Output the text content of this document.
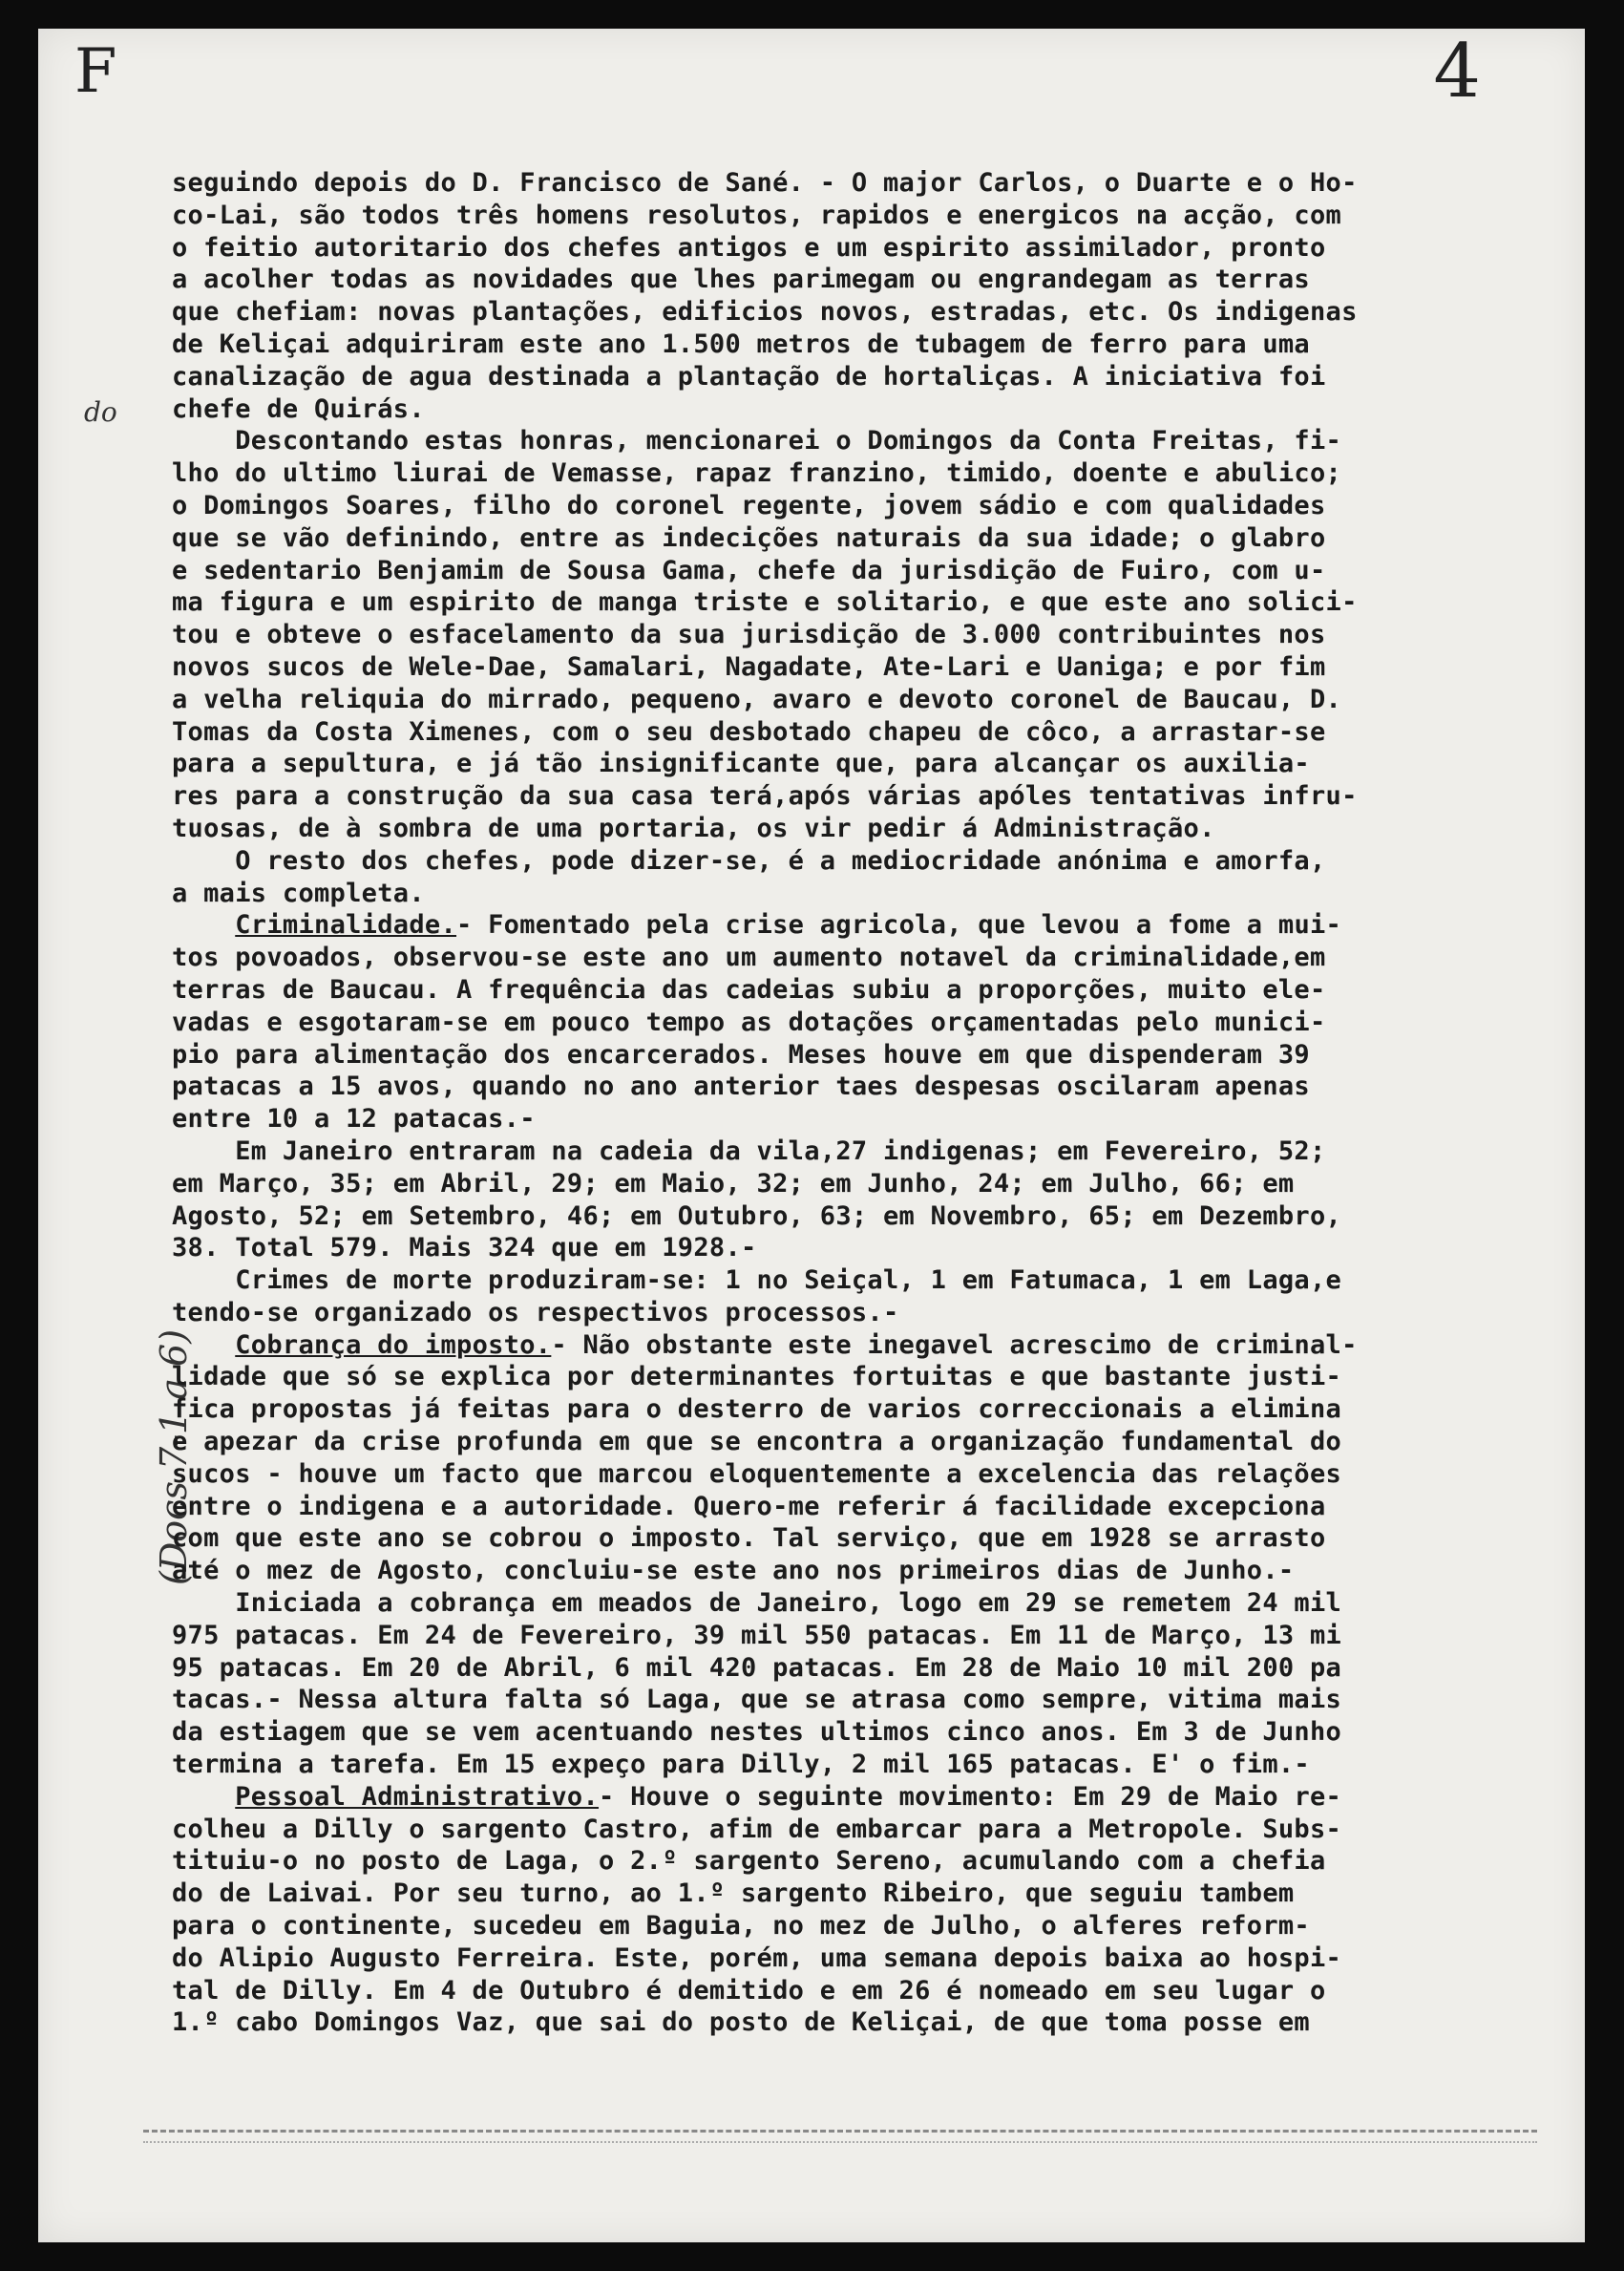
F	4
do
(Docs 7-1 a 6)
seguindo depois do D. Francisco de Sané. - O major Carlos, o Duarte e o Ho-
co-Lai, são todos três homens resolutos, rapidos e energicos na acção, com
o feitio autoritario dos chefes antigos e um espirito assimilador, pronto
a acolher todas as novidades que lhes parimegam ou engrandegam as terras
que chefiam: novas plantações, edificios novos, estradas, etc. Os indigenas
de Keliçai adquiriram este ano 1.500 metros de tubagem de ferro para uma
canalização de agua destinada a plantação de hortaliças. A iniciativa foi
chefe de Quirás.
Descontando estas honras, mencionarei o Domingos da Conta Freitas, fi-
lho do ultimo liurai de Vemasse, rapaz franzino, timido, doente e abulico;
o Domingos Soares, filho do coronel regente, jovem sádio e com qualidades
que se vão definindo, entre as indecições naturais da sua idade; o glabro
e sedentario Benjamim de Sousa Gama, chefe da jurisdição de Fuiro, com u-
ma figura e um espirito de manga triste e solitario, e que este ano solici-
tou e obteve o esfacelamento da sua jurisdição de 3.000 contribuintes nos
novos sucos de Wele-Dae, Samalari, Nagadate, Ate-Lari e Uaniga; e por fim
a velha reliquia do mirrado, pequeno, avaro e devoto coronel de Baucau, D.
Tomas da Costa Ximenes, com o seu desbotado chapeu de côco, a arrastar-se
para a sepultura, e já tão insignificante que, para alcançar os auxilia-
res para a construção da sua casa terá,após várias apóles tentativas infru-
tuosas, de à sombra de uma portaria, os vir pedir á Administração.
O resto dos chefes, pode dizer-se, é a mediocridade anónima e amorfa,
a mais completa.
Criminalidade.- Fomentado pela crise agricola, que levou a fome a mui-
tos povoados, observou-se este ano um aumento notavel da criminalidade,em
terras de Baucau. A frequência das cadeias subiu a proporções, muito ele-
vadas e esgotaram-se em pouco tempo as dotações orçamentadas pelo munici-
pio para alimentação dos encarcerados. Meses houve em que dispenderam 39
patacas a 15 avos, quando no ano anterior taes despesas oscilaram apenas
entre 10 a 12 patacas.-
Em Janeiro entraram na cadeia da vila,27 indigenas; em Fevereiro, 52;
em Março, 35; em Abril, 29; em Maio, 32; em Junho, 24; em Julho, 66; em
Agosto, 52; em Setembro, 46; em Outubro, 63; em Novembro, 65; em Dezembro,
38. Total 579. Mais 324 que em 1928.-
Crimes de morte produziram-se: 1 no Seiçal, 1 em Fatumaca, 1 em Laga,e
tendo-se organizado os respectivos processos.-
Cobrança do imposto.- Não obstante este inegavel acrescimo de criminal-
lidade que só se explica por determinantes fortuitas e que bastante justi-
fica propostas já feitas para o desterro de varios correccionais a elimina
e apezar da crise profunda em que se encontra a organização fundamental do
sucos - houve um facto que marcou eloquentemente a excelencia das relações
entre o indigena e a autoridade. Quero-me referir á facilidade excepciona
com que este ano se cobrou o imposto. Tal serviço, que em 1928 se arrasto
até o mez de Agosto, concluiu-se este ano nos primeiros dias de Junho.-
Iniciada a cobrança em meados de Janeiro, logo em 29 se remetem 24 mil
975 patacas. Em 24 de Fevereiro, 39 mil 550 patacas. Em 11 de Março, 13 mi
95 patacas. Em 20 de Abril, 6 mil 420 patacas. Em 28 de Maio 10 mil 200 pa
tacas.- Nessa altura falta só Laga, que se atrasa como sempre, vitima mais
da estiagem que se vem acentuando nestes ultimos cinco anos. Em 3 de Junho
termina a tarefa. Em 15 expeço para Dilly, 2 mil 165 patacas. E' o fim.-
Pessoal Administrativo.- Houve o seguinte movimento: Em 29 de Maio re-
colheu a Dilly o sargento Castro, afim de embarcar para a Metropole. Subs-
tituiu-o no posto de Laga, o 2.º sargento Sereno, acumulando com a chefia
do de Laivai. Por seu turno, ao 1.º sargento Ribeiro, que seguiu tambem
para o continente, sucedeu em Baguia, no mez de Julho, o alferes reform-
do Alipio Augusto Ferreira. Este, porém, uma semana depois baixa ao hospi-
tal de Dilly. Em 4 de Outubro é demitido e em 26 é nomeado em seu lugar o
1.º cabo Domingos Vaz, que sai do posto de Keliçai, de que toma posse em
